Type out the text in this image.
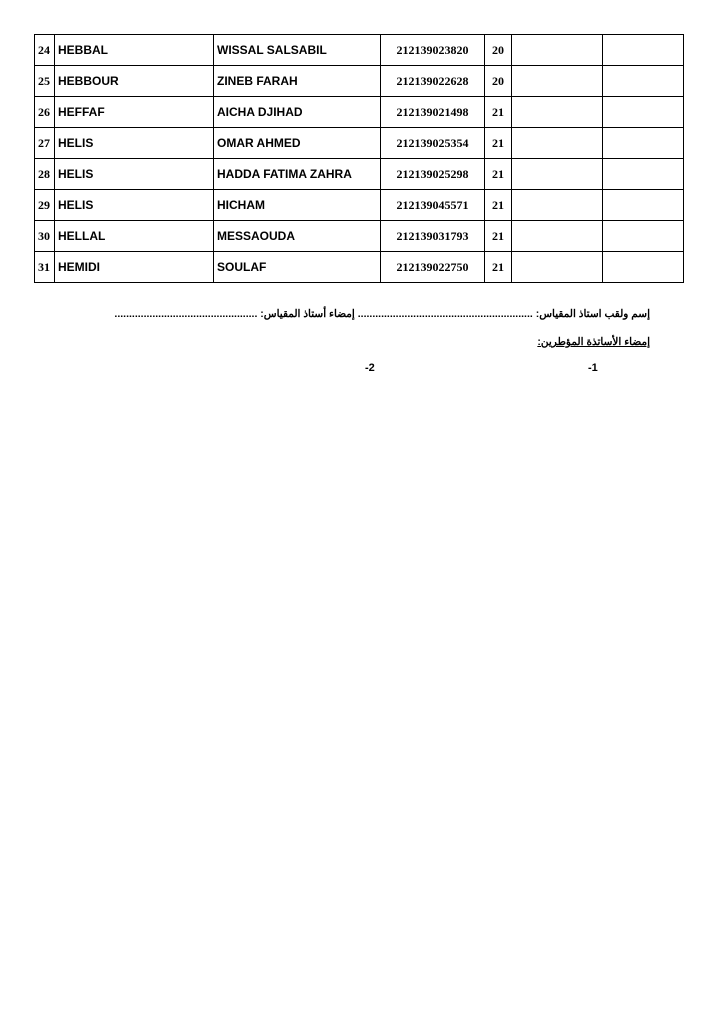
24	HEBBAL	WISSAL SALSABIL	212139023820	20		
25	HEBBOUR	ZINEB FARAH	212139022628	20		
26	HEFFAF	AICHA DJIHAD	212139021498	21		
27	HELIS	OMAR AHMED	212139025354	21		
28	HELIS	HADDA FATIMA ZAHRA	212139025298	21		
29	HELIS	HICHAM	212139045571	21		
30	HELLAL	MESSAOUDA	212139031793	21		
31	HEMIDI	SOULAF	212139022750	21		
إسم ولقب استاذ المقياس: ............................................................ إمضاء أستاذ المقياس: .................................................
إمضاء الأساتذة المؤطرين:
-1
-2
